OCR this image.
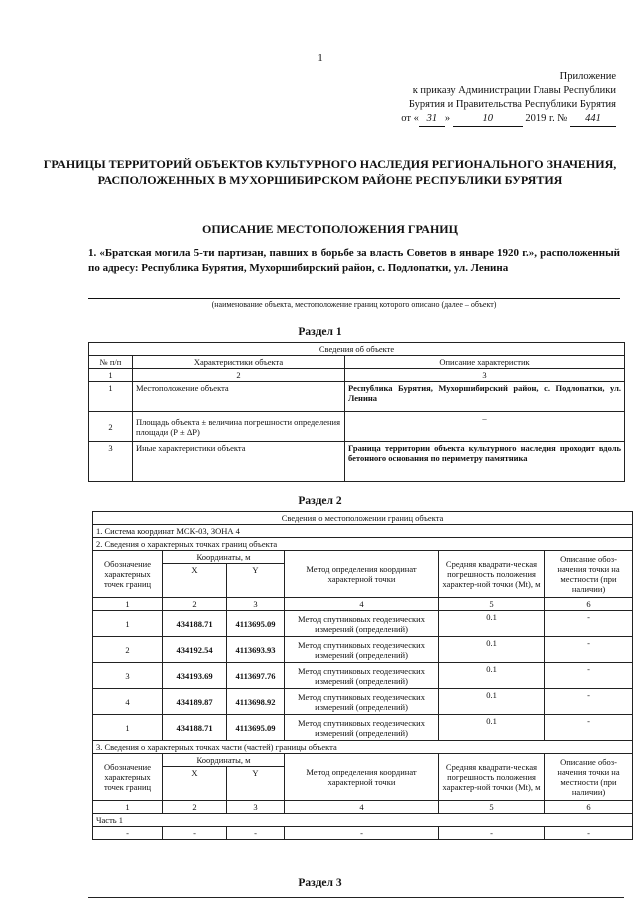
1
Приложение
к приказу Администрации Главы Республики
Бурятия и Правительства Республики Бурятия
от « 31 »	10	2019 г. № 441
ГРАНИЦЫ ТЕРРИТОРИЙ ОБЪЕКТОВ КУЛЬТУРНОГО НАСЛЕДИЯ РЕГИОНАЛЬНОГО ЗНАЧЕНИЯ, РАСПОЛОЖЕННЫХ В МУХОРШИБИРСКОМ РАЙОНЕ РЕСПУБЛИКИ БУРЯТИЯ
ОПИСАНИЕ МЕСТОПОЛОЖЕНИЯ ГРАНИЦ
1. «Братская могила 5-ти партизан, павших в борьбе за власть Советов в январе 1920 г.», расположенный по адресу: Республика Бурятия, Мухоршибирский район, с. Подлопатки, ул. Ленина
(наименование объекта, местоположение границ которого описано (далее – объект)
Раздел 1
Сведения об объекте		
№ п/п	Характеристики объекта	Описание характеристик
1	2	3
1	Местоположение объекта	Республика Бурятия, Мухоршибирский район, с. Подлопатки, ул. Ленина
2	Площадь объекта ± величина погрешности определения площади (Р ± ΔР)	–
3	Иные характеристики объекта	Граница территории объекта культурного наследия проходит вдоль бетонного основания по периметру памятника
Раздел 2
Сведения о местоположении границ объекта					
1. Система координат МСК-03, ЗОНА 4					
2. Сведения о характерных точках границ объекта					
Обозначение характерных точек границ	Координаты, м		Метод определения координат характерной точки	Средняя квадрати-ческая погрешность положения характер-ной точки (Mt), м	Описание обоз-начения точки на местности (при наличии)
	X	Y			
1	2	3	4	5	6
1	434188.71	4113695.09	Метод спутниковых геодезических измерений (определений)	0.1	-
2	434192.54	4113693.93	Метод спутниковых геодезических измерений (определений)	0.1	-
3	434193.69	4113697.76	Метод спутниковых геодезических измерений (определений)	0.1	-
4	434189.87	4113698.92	Метод спутниковых геодезических измерений (определений)	0.1	-
1	434188.71	4113695.09	Метод спутниковых геодезических измерений (определений)	0.1	-
3. Сведения о характерных точках части (частей) границы объекта					
Обозначение характерных точек границ	Координаты, м		Метод определения координат характерной точки	Средняя квадрати-ческая погрешность положения характер-ной точки (Mt), м	Описание обоз-начения точки на местности (при наличии)
	X	Y			
1	2	3	4	5	6
Часть 1					
-	-	-	-	-	-
Раздел 3
